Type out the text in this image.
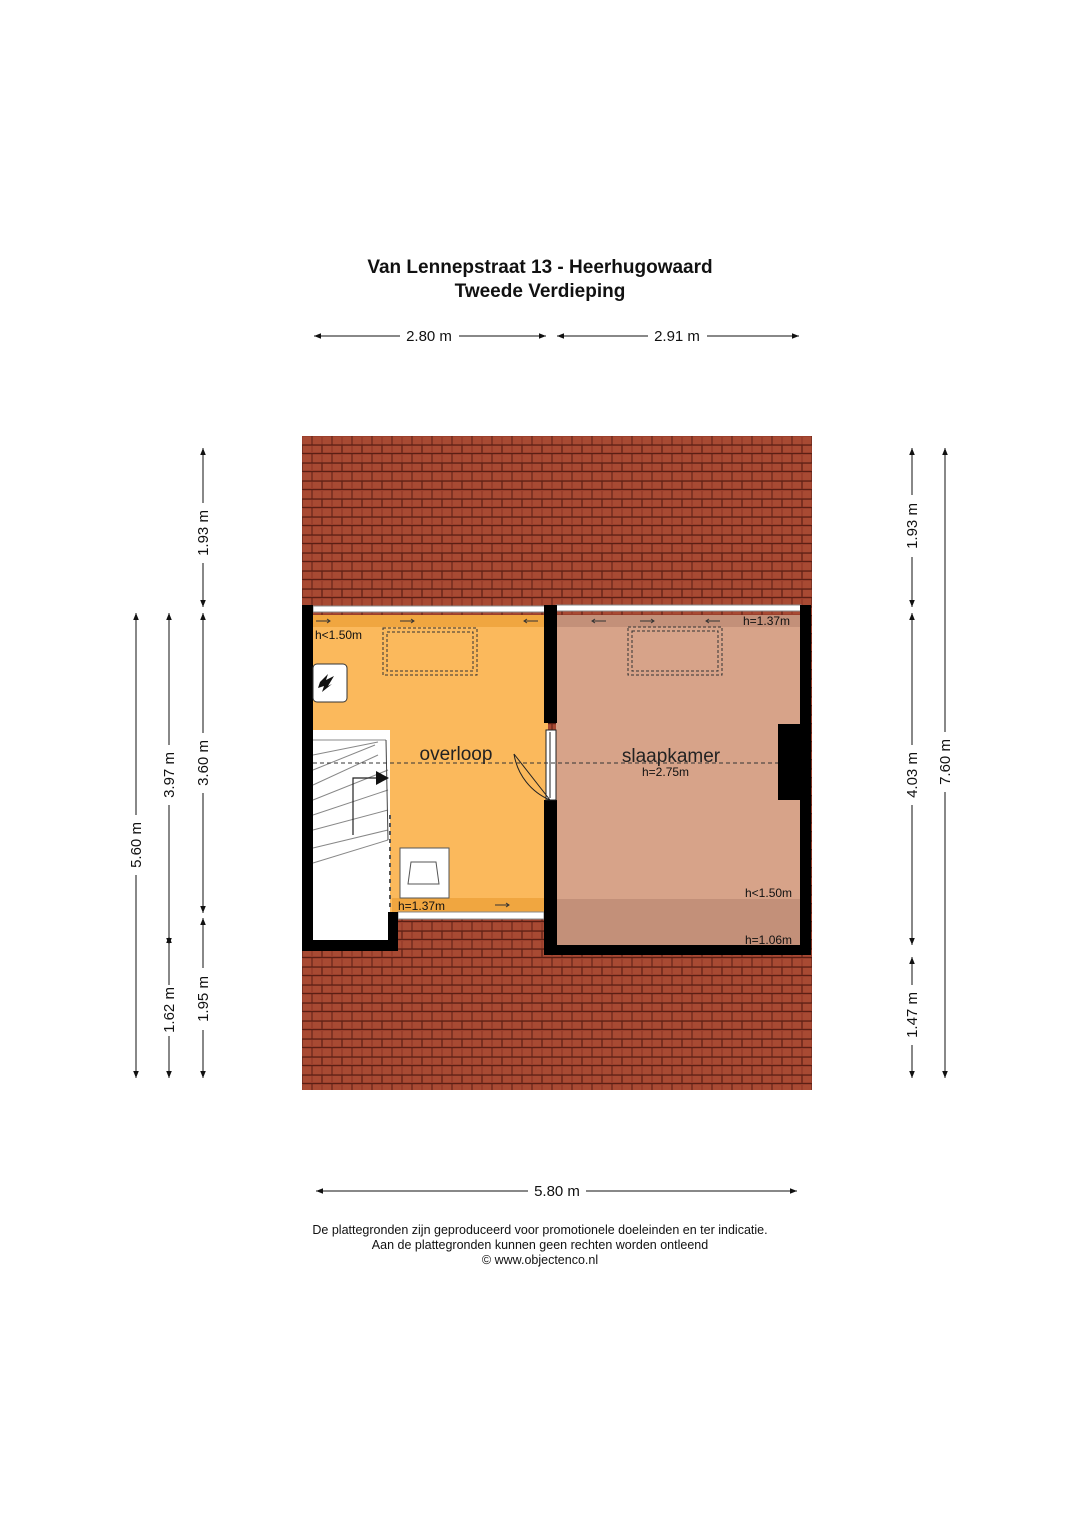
Van Lennepstraat 13 - Heerhugowaard
Tweede Verdieping
overloop	slaapkamer
h<1.50m
h=1.37m
h=1.37m
h=2.75m
h<1.50m
h=1.06m
2.80 m	2.91 m
5.80 m
5.60 m
3.97 m
1.62 m
1.93 m
3.60 m
1.95 m
1.93 m
4.03 m
1.47 m
7.60 m
De plattegronden zijn geproduceerd voor promotionele doeleinden en ter indicatie.
Aan de plattegronden kunnen geen rechten worden ontleend
© www.objectenco.nl
